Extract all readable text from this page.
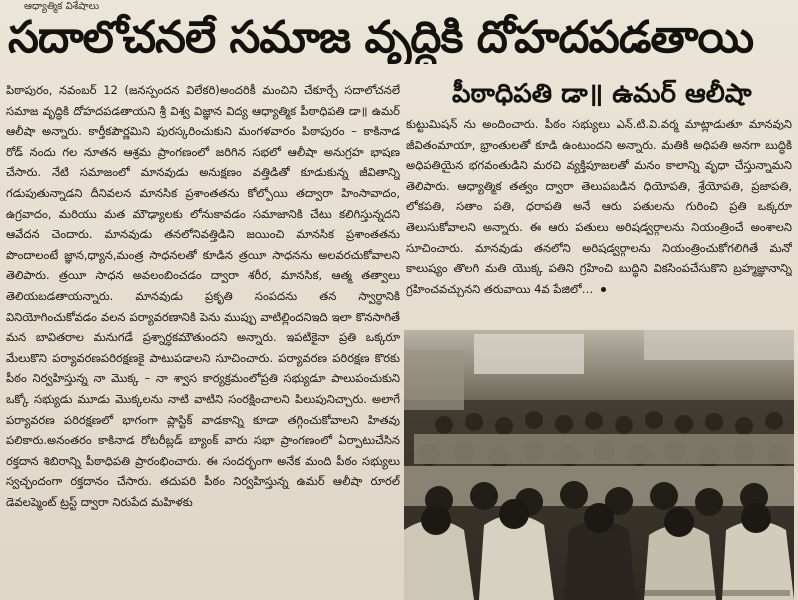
ఆధ్యాత్మిక విశేషాలు
సదాలోచనలే సమాజ వృద్ధికి దోహదపడతాయి
పీఠాధిపతి డా॥ ఉమర్ ఆలీషా

పిఠాపురం, నవంబర్ 12 (జనస్పందన విలేకరి)అందరికీ మంచిని చేకూర్చే సదాలోచనలే సమాజ వృద్ధికి దోహదపడతాయని శ్రీ విశ్వ విజ్ఞాన విద్య ఆధ్యాత్మిక పీఠాధిపతి డా॥ ఉమర్ ఆలీషా అన్నారు. కార్తీకపౌర్ణమిని పురస్కరించుకుని మంగళవారం పిఠాపురం – కాకినాడ రోడ్ నందు గల నూతన ఆశ్రమ ప్రాంగణంలో జరిగిన సభలో ఆలీషా అనుగ్రహ భాషణ చేసారు. నేటి సమాజంలో మానవుడు అనుక్షణం వత్తిడితో కూడుకున్న జీవితాన్ని గడుపుతున్నాడని దీనివలన మానసిక ప్రశాంతతను కోల్పోయి తద్వారా హింసావాదం, ఉగ్రవాదం, మరియు మత మౌఢ్యాలకు లోనుకావడం సమాజానికి చేటు కలిగిస్తున్నదని ఆవేదన చెందారు. మానవుడు తనలోనివత్తిడిని జయించి మానసిక ప్రశాంతతను పొందాలంటే జ్ఞాన,ధ్యాన,మంత్ర సాధనలతో కూడిన త్రయీ సాధనను అలవరచుకోవాలని తెలిపారు. త్రయీ సాధన అవలంబించడం ద్వారా శరీర, మానసిక, ఆత్మ తత్వాలు తెలియబడతాయన్నారు. మానవుడు ప్రకృతి సంపదను తన స్వార్ధానికి వినియోగించుకోవడం వలన పర్యావరణానికి పెను ముప్పు వాటిల్లిందనిఇది ఇలా కొనసాగితే మన బావితరాల మనుగడే ప్రశ్నార్ధకమౌతుందని అన్నారు. ఇపటికైనా ప్రతి ఒక్కరూ మేలుకొని పర్యావరణపరిరక్షణకై పాటుపడాలని సూచించారు. పర్యావరణ పరిరక్షణ కొరకు పీఠం నిర్వహిస్తున్న నా మొక్క – నా శ్వాస కార్యక్రమంలోప్రతి సభ్యుడూ పాలుపంచుకుని ఒక్కో సభ్యుడు మూడు మొక్కలను నాటి వాటిని సంరక్షించాలని పిలుపునిచ్చారు. అలాగే పర్యావరణ పరిరక్షణలో భాగంగా ప్లాస్టిక్ వాడకాన్ని కూడా తగ్గించుకోవాలని హితవు పలికారు.అనంతరం కాకినాడ రోటరీబ్లడ్ బ్యాంక్ వారు సభా ప్రాంగణంలో ఏర్పాటుచేసిన రక్తదాన శిబిరాన్ని పీఠాధిపతి ప్రారంభించారు. ఈ సందర్భంగా అనేక మంది పీఠం సభ్యులు స్వచ్ఛందంగా రక్తదానం చేసారు. తదుపరి పీఠం నిర్వహిస్తున్న ఉమర్ ఆలీషా రూరల్ డెవలప్మెంట్ ట్రస్ట్ ద్వారా నిరుపేద మహిళకు

కుట్టుమిషన్ ను అందించారు. పీఠం సభ్యులు ఎన్.టి.వి.వర్మ మాట్లాడుతూ మానవుని జీవితంమాయా, భ్రాంతులతో కూడి ఉంటుందని అన్నారు. మతికి అధిపతి అనగా బుద్ధికి అధిపతియైన భగవంతుడిని మరచి వ్యక్తిపూజలతో మనం కాలాన్ని వృధా చేస్తున్నామని తెలిపారు. ఆధ్యాత్మిక తత్వం ద్వారా తెలుపబడిన ధియోపతి, శ్రేయోపతి, ప్రజాపతి, లోకపతి, సతాం పతి, ధరాపతి అనే ఆరు పతులను గురించి ప్రతి ఒక్కరూ తెలుసుకోవాలని అన్నారు. ఈ ఆరు పతులు అరిషడ్వర్గాలను నియంత్రించే అంశాలని సూచించారు. మానవుడు తనలోని అరిషడ్వర్గాలను నియంత్రించుకోగలిగితే మనో కాలుష్యం తొలగి మతి యొక్క పతిని గ్రహించి బుద్ధిని వికసింపచేసుకొని బ్రహ్మజ్ఞానాన్ని గ్రహించవచ్చునని తరువాయి 4వ పేజిలో…
